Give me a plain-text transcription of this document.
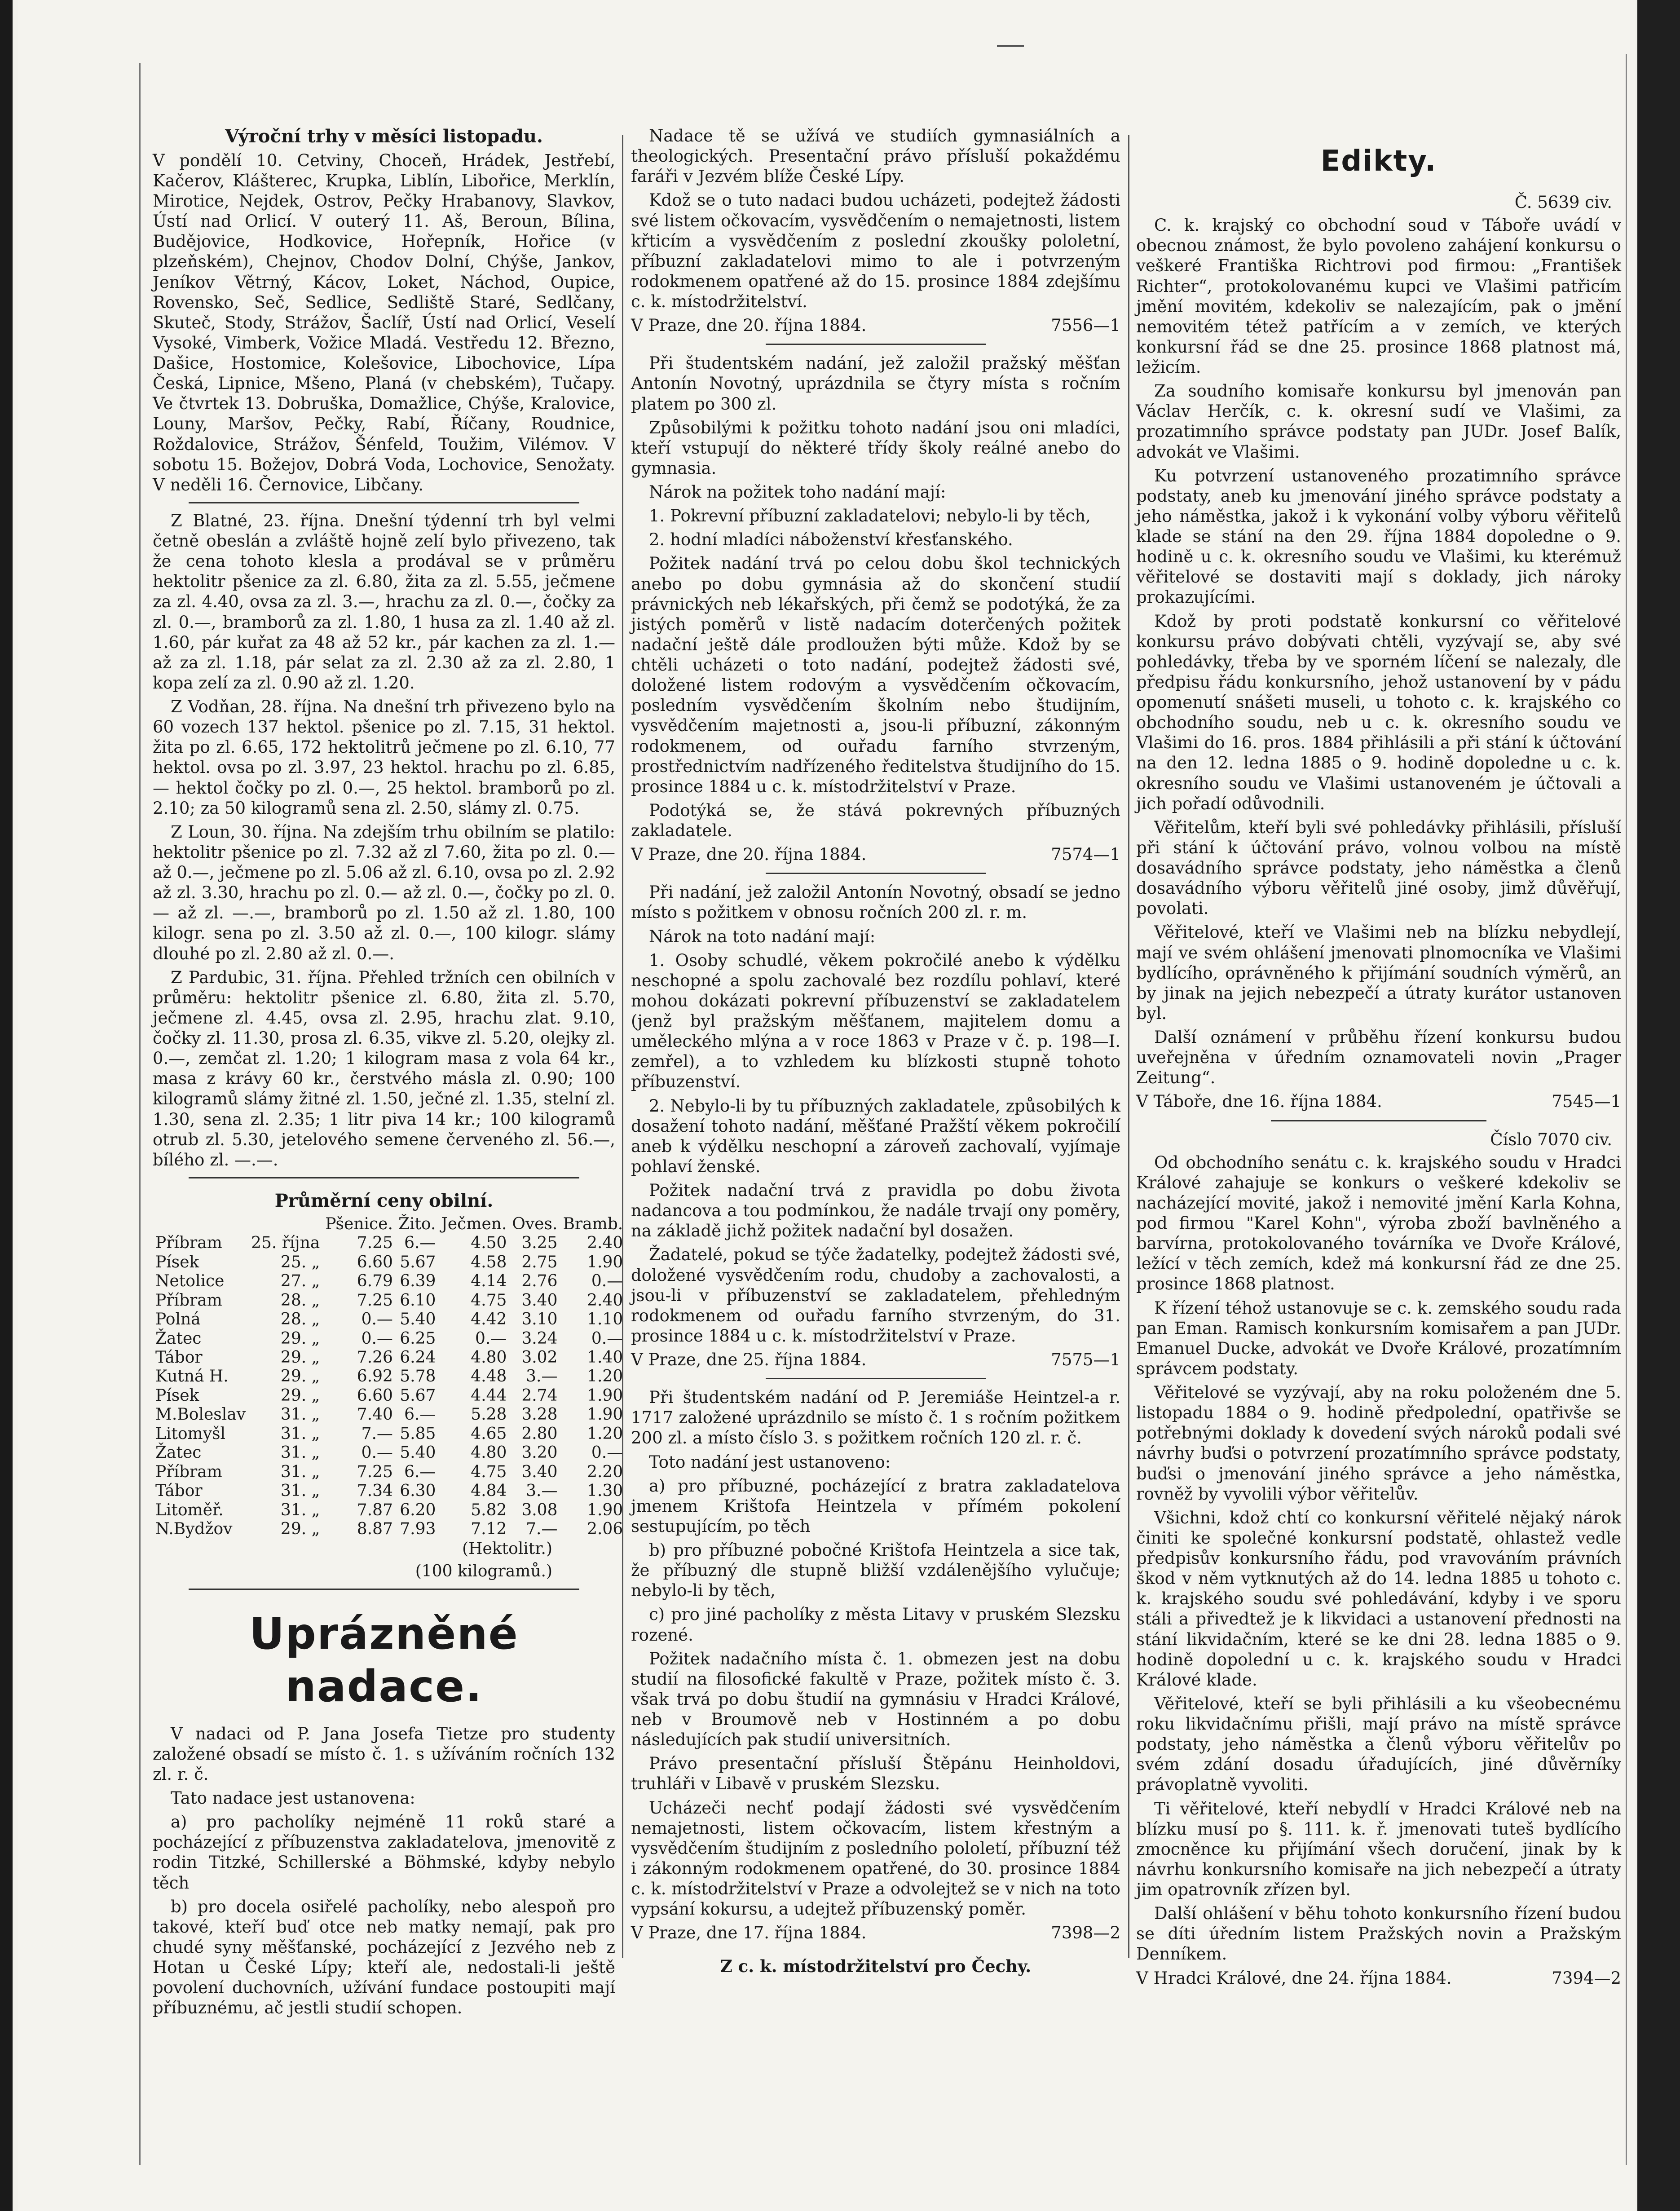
Výroční trhy v měsíci listopadu.

V pondělí 10. Cetviny, Choceň, Hrádek, Jestřebí, Kačerov, Klášterec, Krupka, Liblín, Libořice, Merklín, Mirotice, Nejdek, Ostrov, Pečky Hrabanovy, Slavkov, Ústí nad Orlicí. V outerý 11. Aš, Beroun, Bílina, Budějovice, Hodkovice, Hořepník, Hořice (v plzeňském), Chejnov, Chodov Dolní, Chýše, Jankov, Jeníkov Větrný, Kácov, Loket, Náchod, Oupice, Rovensko, Seč, Sedlice, Sedliště Staré, Sedlčany, Skuteč, Stody, Strážov, Šaclíř, Ústí nad Orlicí, Veselí Vysoké, Vimberk, Vožice Mladá. Vestředu 12. Březno, Dašice, Hostomice, Kolešovice, Libochovice, Lípa Česká, Lipnice, Mšeno, Planá (v chebském), Tučapy. Ve čtvrtek 13. Dobruška, Domažlice, Chýše, Kralovice, Louny, Maršov, Pečky, Rabí, Říčany, Roudnice, Roždalovice, Strážov, Šénfeld, Toužim, Vilémov. V sobotu 15. Božejov, Dobrá Voda, Lochovice, Senožaty. V neděli 16. Černovice, Libčany.

Z Blatné, 23. října. Dnešní týdenní trh byl velmi četně obeslán a zvláště hojně zelí bylo přivezeno, tak že cena tohoto klesla a prodával se v průměru hektolitr pšenice za zl. 6.80, žita za zl. 5.55, ječmene za zl. 4.40, ovsa za zl. 3.—, hrachu za zl. 0.—, čočky za zl. 0.—, bramborů za zl. 1.80, 1 husa za zl. 1.40 až zl. 1.60, pár kuřat za 48 až 52 kr., pár kachen za zl. 1.— až za zl. 1.18, pár selat za zl. 2.30 až za zl. 2.80, 1 kopa zelí za zl. 0.90 až zl. 1.20.

Z Vodňan, 28. října. Na dnešní trh přivezeno bylo na 60 vozech 137 hektol. pšenice po zl. 7.15, 31 hektol. žita po zl. 6.65, 172 hektolitrů ječmene po zl. 6.10, 77 hektol. ovsa po zl. 3.97, 23 hektol. hrachu po zl. 6.85, — hektol čočky po zl. 0.—, 25 hektol. bramborů po zl. 2.10; za 50 kilogramů sena zl. 2.50, slámy zl. 0.75.

Z Loun, 30. října. Na zdejším trhu obilním se platilo: hektolitr pšenice po zl. 7.32 až zl 7.60, žita po zl. 0.— až 0.—, ječmene po zl. 5.06 až zl. 6.10, ovsa po zl. 2.92 až zl. 3.30, hrachu po zl. 0.— až zl. 0.—, čočky po zl. 0.— až zl. —.—, bramborů po zl. 1.50 až zl. 1.80, 100 kilogr. sena po zl. 3.50 až zl. 0.—, 100 kilogr. slámy dlouhé po zl. 2.80 až zl. 0.—.

Z Pardubic, 31. října. Přehled tržních cen obilních v průměru: hektolitr pšenice zl. 6.80, žita zl. 5.70, ječmene zl. 4.45, ovsa zl. 2.95, hrachu zlat. 9.10, čočky zl. 11.30, prosa zl. 6.35, vikve zl. 5.20, olejky zl. 0.—, zemčat zl. 1.20; 1 kilogram masa z vola 64 kr., masa z krávy 60 kr., čerstvého másla zl. 0.90; 100 kilogramů slámy žitné zl. 1.50, ječné zl. 1.35, stelní zl. 1.30, sena zl. 2.35; 1 litr piva 14 kr.; 100 kilogramů otrub zl. 5.30, jetelového semene červeného zl. 56.—, bílého zl. —.—.

Průměrní ceny obilní.
		Pšenice.	Žito.	Ječmen.	Oves.	Bramb.
Příbram	25. října	7.25	6.—	4.50	3.25	2.40
Písek	25. „	6.60	5.67	4.58	2.75	1.90
Netolice	27. „	6.79	6.39	4.14	2.76	0.—
Příbram	28. „	7.25	6.10	4.75	3.40	2.40
Polná	28. „	0.—	5.40	4.42	3.10	1.10
Žatec	29. „	0.—	6.25	0.—	3.24	0.—
Tábor	29. „	7.26	6.24	4.80	3.02	1.40
Kutná H.	29. „	6.92	5.78	4.48	3.—	1.20
Písek	29. „	6.60	5.67	4.44	2.74	1.90
M.Boleslav	31. „	7.40	6.—	5.28	3.28	1.90
Litomyšl	31. „	7.—	5.85	4.65	2.80	1.20
Žatec	31. „	0.—	5.40	4.80	3.20	0.—
Příbram	31. „	7.25	6.—	4.75	3.40	2.20
Tábor	31. „	7.34	6.30	4.84	3.—	1.30
Litoměř.	31. „	7.87	6.20	5.82	3.08	1.90
N.Bydžov	29. „	8.87	7.93	7.12	7.—	2.06
(Hektolitr.)
(100 kilogramů.)
Uprázněné nadace.

V nadaci od P. Jana Josefa Tietze pro studenty založené obsadí se místo č. 1. s užíváním ročních 132 zl. r. č.

Tato nadace jest ustanovena:

a) pro pacholíky nejméně 11 roků staré a pocházející z příbuzenstva zakladatelova, jmenovitě z rodin Titzké, Schillerské a Böhmské, kdyby nebylo těch

b) pro docela osiřelé pacholíky, nebo alespoň pro takové, kteří buď otce neb matky nemají, pak pro chudé syny měšťanské, pocházející z Jezvého neb z Hotan u České Lípy; kteří ale, nedostali-li ještě povolení duchovních, užívání fundace postoupiti mají příbuznému, ač jestli studií schopen.

Nadace tě se užívá ve studiích gymnasiálních a theologických. Presentační právo přísluší pokaždému faráři v Jezvém blíže České Lípy.

Kdož se o tuto nadaci budou ucházeti, podejtež žádosti své listem očkovacím, vysvědčením o nemajetnosti, listem křticím a vysvědčením z poslední zkoušky pololetní, příbuzní zakladatelovi mimo to ale i potvrzeným rodokmenem opatřené až do 15. prosince 1884 zdejšímu c. k. místodržitelství.

V Praze, dne 20. října 1884.	7556—1

Při študentském nadání, jež založil pražský měšťan Antonín Novotný, uprázdnila se čtyry místa s ročním platem po 300 zl.

Způsobilými k požitku tohoto nadání jsou oni mladíci, kteří vstupují do některé třídy školy reálné anebo do gymnasia.

Nárok na požitek toho nadání mají:

1. Pokrevní příbuzní zakladatelovi; nebylo-li by těch,

2. hodní mladíci náboženství křesťanského.

Požitek nadání trvá po celou dobu škol technických anebo po dobu gymnásia až do skončení studií právnických neb lékařských, při čemž se podotýká, že za jistých poměrů v listě nadacím doterčených požitek nadační ještě dále prodloužen býti může. Kdož by se chtěli ucházeti o toto nadání, podejtež žádosti své, doložené listem rodovým a vysvědčením očkovacím, posledním vysvědčením školním nebo študijním, vysvědčením majetnosti a, jsou-li příbuzní, zákonným rodokmenem, od ouřadu farního stvrzeným, prostřednictvím nadřízeného ředitelstva študijního do 15. prosince 1884 u c. k. místodržitelství v Praze.

Podotýká se, že stává pokrevných příbuzných zakladatele.

V Praze, dne 20. října 1884.	7574—1

Při nadání, jež založil Antonín Novotný, obsadí se jedno místo s požitkem v obnosu ročních 200 zl. r. m.

Nárok na toto nadání mají:

1. Osoby schudlé, věkem pokročilé anebo k výdělku neschopné a spolu zachovalé bez rozdílu pohlaví, které mohou dokázati pokrevní příbuzenství se zakladatelem (jenž byl pražským měšťanem, majitelem domu a uměleckého mlýna a v roce 1863 v Praze v č. p. 198—I. zemřel), a to vzhledem ku blízkosti stupně tohoto příbuzenství.

2. Nebylo-li by tu příbuzných zakladatele, způsobilých k dosažení tohoto nadání, měšťané Pražští věkem pokročilí aneb k výdělku neschopní a zároveň zachovalí, vyjímaje pohlaví ženské.

Požitek nadační trvá z pravidla po dobu života nadancova a tou podmínkou, že nadále trvají ony poměry, na základě jichž požitek nadační byl dosažen.

Žadatelé, pokud se týče žadatelky, podejtež žádosti své, doložené vysvědčením rodu, chudoby a zachovalosti, a jsou-li v příbuzenství se zakladatelem, přehledným rodokmenem od ouřadu farního stvrzeným, do 31. prosince 1884 u c. k. místodržitelství v Praze.

V Praze, dne 25. října 1884.	7575—1

Při študentském nadání od P. Jeremiáše Heintzel-a r. 1717 založené uprázdnilo se místo č. 1 s ročním požitkem 200 zl. a místo číslo 3. s požitkem ročních 120 zl. r. č.

Toto nadání jest ustanoveno:

a) pro příbuzné, pocházející z bratra zakladatelova jmenem Krištofa Heintzela v přímém pokolení sestupujícím, po těch

b) pro příbuzné pobočné Krištofa Heintzela a sice tak, že příbuzný dle stupně bližší vzdálenějšího vylučuje; nebylo-li by těch,

c) pro jiné pacholíky z města Litavy v pruském Slezsku rozené.

Požitek nadačního místa č. 1. obmezen jest na dobu studií na filosofické fakultě v Praze, požitek místo č. 3. však trvá po dobu študií na gymnásiu v Hradci Králové, neb v Broumově neb v Hostinném a po dobu následujících pak studií universitních.

Právo presentační přísluší Štěpánu Heinholdovi, truhláři v Libavě v pruském Slezsku.

Ucházeči nechť podají žádosti své vysvědčením nemajetnosti, listem očkovacím, listem křestným a vysvědčením študijním z posledního pololetí, příbuzní též i zákonným rodokmenem opatřené, do 30. prosince 1884 c. k. místodržitelství v Praze a odvolejtež se v nich na toto vypsání kokursu, a udejtež příbuzenský poměr.

V Praze, dne 17. října 1884.	7398—2
Z c. k. místodržitelství pro Čechy.
Edikty.
Č. 5639 civ.

C. k. krajský co obchodní soud v Táboře uvádí v obecnou známost, že bylo povoleno zahájení konkursu o veškeré Františka Richtrovi pod firmou: „František Richter“, protokolovanému kupci ve Vlašimi patřicím jmění movitém, kdekoliv se nalezajícím, pak o jmění nemovitém tétež patřícím a v zemích, ve kterých konkursní řád se dne 25. prosince 1868 platnost má, ležicím.

Za soudního komisaře konkursu byl jmenován pan Václav Herčík, c. k. okresní sudí ve Vlašimi, za prozatimního správce podstaty pan JUDr. Josef Balík, advokát ve Vlašimi.

Ku potvrzení ustanoveného prozatimního správce podstaty, aneb ku jmenování jiného správce podstaty a jeho náměstka, jakož i k vykonání volby výboru věřitelů klade se stání na den 29. října 1884 dopoledne o 9. hodině u c. k. okresního soudu ve Vlašimi, ku kterémuž věřitelové se dostaviti mají s doklady, jich nároky prokazujícími.

Kdož by proti podstatě konkursní co věřitelové konkursu právo dobývati chtěli, vyzývají se, aby své pohledávky, třeba by ve sporném líčení se nalezaly, dle předpisu řádu konkursního, jehož ustanovení by v pádu opomenutí snášeti museli, u tohoto c. k. krajského co obchodního soudu, neb u c. k. okresního soudu ve Vlašimi do 16. pros. 1884 přihlásili a při stání k účtování na den 12. ledna 1885 o 9. hodině dopoledne u c. k. okresního soudu ve Vlašimi ustanoveném je účtovali a jich pořadí odůvodnili.

Věřitelům, kteří byli své pohledávky přihlásili, přísluší při stání k účtování právo, volnou volbou na místě dosavádního správce podstaty, jeho náměstka a členů dosavádního výboru věřitelů jiné osoby, jimž důvěřují, povolati.

Věřitelové, kteří ve Vlašimi neb na blízku nebydlejí, mají ve svém ohlášení jmenovati plnomocníka ve Vlašimi bydlícího, oprávněného k přijímání soudních výměrů, an by jinak na jejich nebezpečí a útraty kurátor ustanoven byl.

Další oznámení v průběhu řízení konkursu budou uveřejněna v úředním oznamovateli novin „Prager Zeitung“.

V Táboře, dne 16. října 1884.	7545—1
Číslo 7070 civ.

Od obchodního senátu c. k. krajského soudu v Hradci Králové zahajuje se konkurs o veškeré kdekoliv se nacházející movité, jakož i nemovité jmění Karla Kohna, pod firmou "Karel Kohn", výroba zboží bavlněného a barvírna, protokolovaného továrníka ve Dvoře Králové, ležící v těch zemích, kdež má konkursní řád ze dne 25. prosince 1868 platnost.

K řízení téhož ustanovuje se c. k. zemského soudu rada pan Eman. Ramisch konkursním komisařem a pan JUDr. Emanuel Ducke, advokát ve Dvoře Králové, prozatímním správcem podstaty.

Věřitelové se vyzývají, aby na roku položeném dne 5. listopadu 1884 o 9. hodině předpolední, opatřivše se potřebnými doklady k dovedení svých nároků podali své návrhy buďsi o potvrzení prozatímního správce podstaty, buďsi o jmenování jiného správce a jeho náměstka, rovněž by vyvolili výbor věřitelův.

Všichni, kdož chtí co konkursní věřitelé nějaký nárok činiti ke společné konkursní podstatě, ohlastež vedle předpisův konkursního řádu, pod vravováním právních škod v něm vytknutých až do 14. ledna 1885 u tohoto c. k. krajského soudu své pohledávání, kdyby i ve sporu stáli a přivedtež je k likvidaci a ustanovení přednosti na stání likvidačním, které se ke dni 28. ledna 1885 o 9. hodině dopolední u c. k. krajského soudu v Hradci Králové klade.

Věřitelové, kteří se byli přihlásili a ku všeobecnému roku likvidačnímu přišli, mají právo na místě správce podstaty, jeho náměstka a členů výboru věřitelův po svém zdání dosadu úřadujících, jiné důvěrníky právoplatně vyvoliti.

Ti věřitelové, kteří nebydlí v Hradci Králové neb na blízku musí po §. 111. k. ř. jmenovati tuteš bydlícího zmocněnce ku přijímání všech doručení, jinak by k návrhu konkursního komisaře na jich nebezpečí a útraty jim opatrovník zřízen byl.

Další ohlášení v běhu tohoto konkursního řízení budou se díti úředním listem Pražských novin a Pražským Denníkem.

V Hradci Králové, dne 24. října 1884.	7394—2
